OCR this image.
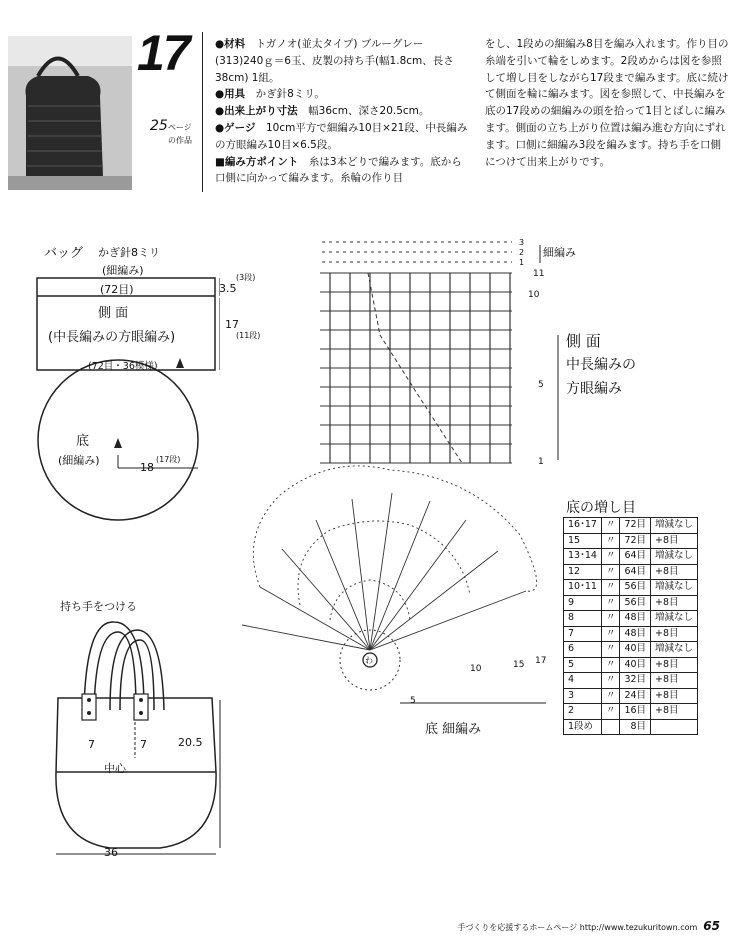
17
25ページ
の作品

●材料　 トガノオ(並太タイプ) ブルーグレー(313)240ｇ＝6玉、皮製の持ち手(幅1.8cm、長さ38cm) 1組。

●用具　 かぎ針8ミリ。

●出来上がり寸法　 幅36cm、深さ20.5cm。

●ゲージ　 10cm平方で細編み10目×21段、中長編みの方眼編み10目×6.5段。

■編み方ポイント　 糸は3本どりで編みます。底から口側に向かって編みます。糸輪の作り目

をし、1段めの細編み8目を編み入れます。作り目の糸端を引いて輪をしめます。2段めからは図を参照して増し目をしながら17段まで編みます。底に続けて側面を輪に編みます。図を参照して、中長編みを底の17段めの細編みの頭を拾って1目とばしに編みます。側面の立ち上がり位置は編み進む方向にずれます。口側に細編み3段を編みます。持ち手を口側につけて出来上がりです。

バッグ かぎ針8ミリ
(細編み)
(72目)	3.5
(3段)
側 面
(中長編みの方眼編み)
17
(11段)
(72目・36模様)
底
(細編み)
18
(17段)
持ち手をつける
7	7
中心
20.5
36
3
2
1
細編み
11
10
5
1
側 面
中長編みの
方眼編み
わ
5
10	15 17
底 細編み
底の増し目
16･17	〃	72目	増減なし
15	〃	72目	+8目
13･14	〃	64目	増減なし
12	〃	64目	+8目
10･11	〃	56目	増減なし
9	〃	56目	+8目
8	〃	48目	増減なし
7	〃	48目	+8目
6	〃	40目	増減なし
5	〃	40目	+8目
4	〃	32目	+8目
3	〃	24目	+8目
2	〃	16目	+8目
1段め		8目	
手づくりを応援するホームページ http://www.tezukuritown.com 65
